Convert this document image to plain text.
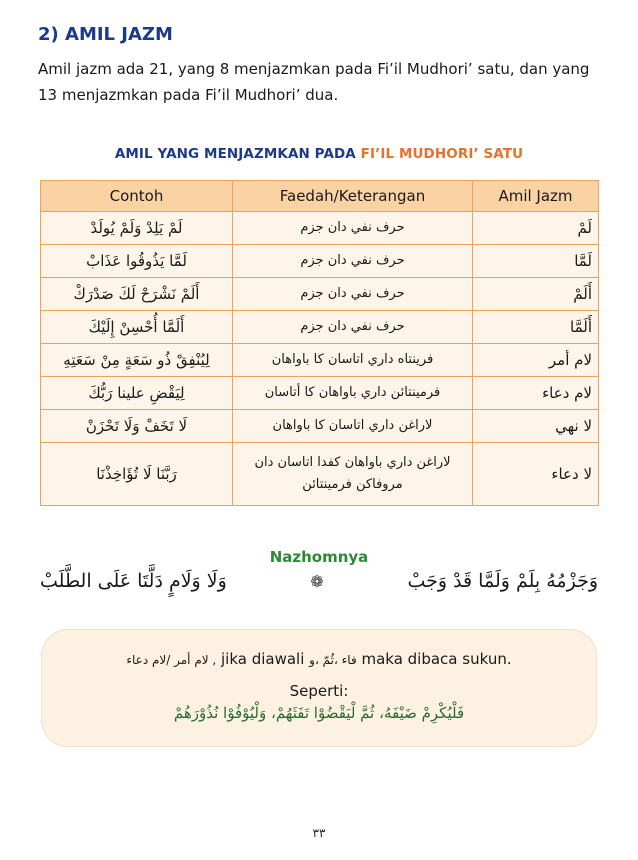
2) AMIL JAZM
Amil jazm ada 21, yang 8 menjazmkan pada Fi’il Mudhori’ satu, dan yang 13 menjazmkan pada Fi’il Mudhori’ dua.
AMIL YANG MENJAZMKAN PADA FI’IL MUDHORI’ SATU
Contoh	Faedah/Keterangan	Amil Jazm
لَمْ يَلِدْ وَلَمْ يُولَدْ	حرف نفي دان جزم	لَمْ
لَمَّا يَذُوقُوا عَذَابْ	حرف نفي دان جزم	لَمَّا
أَلَمْ نَشْرَحْ لَكَ صَدْرَكْ	حرف نفي دان جزم	أَلَمْ
أَلَمَّا أُحْسِنْ إِلَيْكَ	حرف نفي دان جزم	أَلَمَّا
لِيُنْفِقْ ذُو سَعَةٍ مِنْ سَعَتِهِ	فرينتاه داري اتاسان كا باواهان	لام أمر
لِيَقْضِ علينا رَبُّكَ	فرمينتائن داري باواهان كا أتاسان	لام دعاء
لَا تَخَفْ وَلَا تَحْزَنْ	لاراغن داري اتاسان كا باواهان	لا نهي
رَبَّنَا لَا تُؤَاخِذْنَا	لاراغن داري باواهان كفدا اتاسان دان مروفاكن فرمينتائن	لا دعاء
Nazhomnya
وَجَزْمُهُ بِلَمْ وَلَمَّا قَدْ وَجَبْ
❁
وَلَا وَلَامٍ دَلَّتَا عَلَى الطَّلَبْ
لام أمر /لام دعاء , jika diawali فاء ،ثُمّ ،و maka dibaca sukun.
Seperti:
فَلْيُكْرِمْ ضَيْفَهُ، ثُمَّ لْيَقْضُوْا تَفَثَهُمْ، وَلْيُوْفُوْا نُذُوْرَهُمْ
٣٣
